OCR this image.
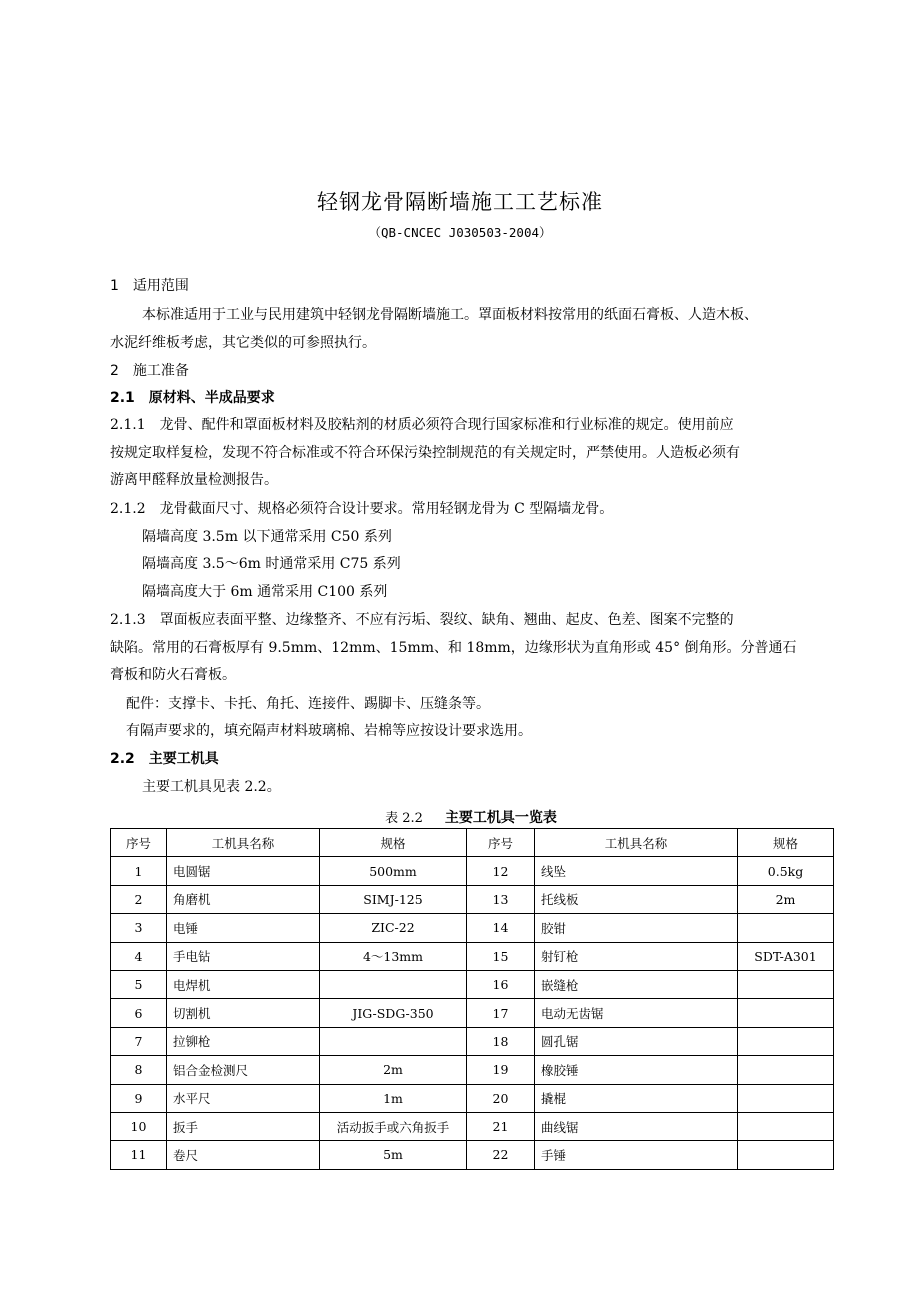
轻钢龙骨隔断墙施工工艺标准
（QB-CNCEC J030503-2004）
1　适用范围
本标准适用于工业与民用建筑中轻钢龙骨隔断墙施工。罩面板材料按常用的纸面石膏板、人造木板、
水泥纤维板考虑，其它类似的可参照执行。
2　施工准备
2.1　原材料、半成品要求
2.1.1　龙骨、配件和罩面板材料及胶粘剂的材质必须符合现行国家标准和行业标准的规定。使用前应
按规定取样复检，发现不符合标准或不符合环保污染控制规范的有关规定时，严禁使用。人造板必须有
游离甲醛释放量检测报告。
2.1.2　龙骨截面尺寸、规格必须符合设计要求。常用轻钢龙骨为 C 型隔墙龙骨。
隔墙高度 3.5m 以下通常采用 C50 系列
隔墙高度 3.5～6m 时通常采用 C75 系列
隔墙高度大于 6m 通常采用 C100 系列
2.1.3　罩面板应表面平整、边缘整齐、不应有污垢、裂纹、缺角、翘曲、起皮、色差、图案不完整的
缺陷。常用的石膏板厚有 9.5mm、12mm、15mm、和 18mm，边缘形状为直角形或 45° 倒角形。分普通石
膏板和防火石膏板。
配件：支撑卡、卡托、角托、连接件、踢脚卡、压缝条等。
有隔声要求的，填充隔声材料玻璃棉、岩棉等应按设计要求选用。
2.2　主要工机具
主要工机具见表 2.2。
表 2.2 主要工机具一览表
序号	工机具名称	规格	序号	工机具名称	规格
1	电圆锯	500mm	12	线坠	0.5kg
2	角磨机	SIMJ-125	13	托线板	2m
3	电锤	ZIC-22	14	胶钳	
4	手电钻	4～13mm	15	射钉枪	SDT-A301
5	电焊机		16	嵌缝枪	
6	切割机	JIG-SDG-350	17	电动无齿锯	
7	拉铆枪		18	圆孔锯	
8	铝合金检测尺	2m	19	橡胶锤	
9	水平尺	1m	20	撬棍	
10	扳手	活动扳手或六角扳手	21	曲线锯	
11	卷尺	5m	22	手锤	
